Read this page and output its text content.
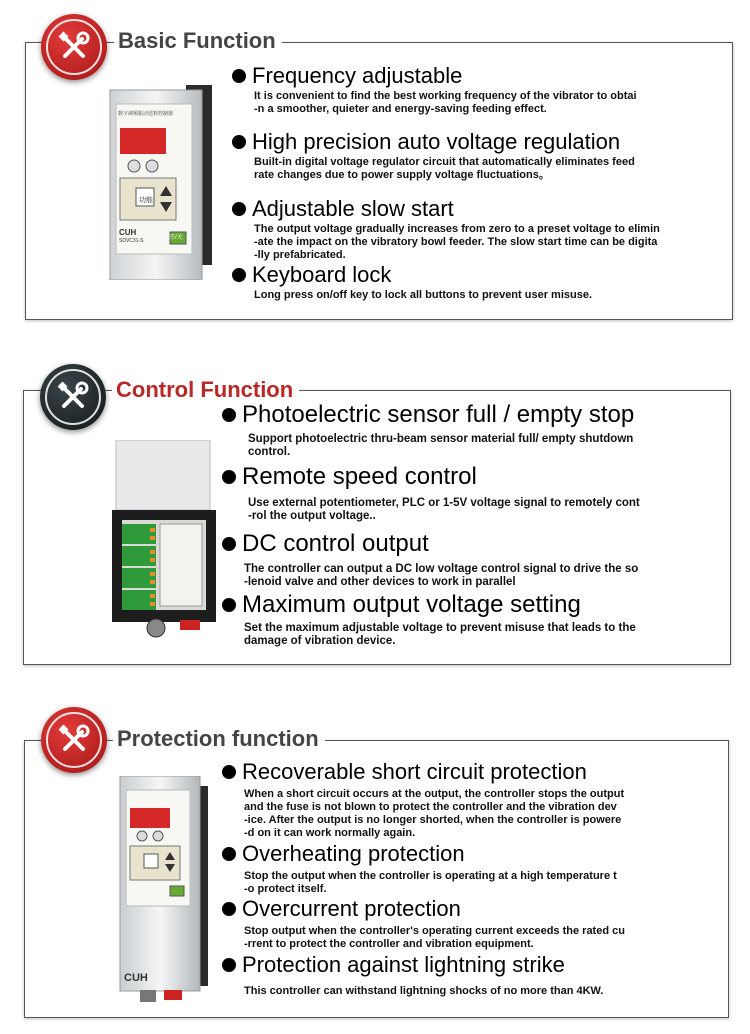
Basic Function
数字调频振动送料控制器
CUH
SDVC31-S
功能
开/关
Frequency adjustable

It is convenient to find the best working frequency of the vibrator to obtai
-n a smoother, quieter and energy-saving feeding effect.

High precision auto voltage regulation

Built-in digital voltage regulator circuit that automatically eliminates feed
rate changes due to power supply voltage fluctuations。

Adjustable slow start

The output voltage gradually increases from zero to a preset voltage to elimin
-ate the impact on the vibratory bowl feeder. The slow start time can be digita
-lly prefabricated.

Keyboard lock

Long press on/off key to lock all buttons to prevent user misuse.

Control Function
Photoelectric sensor full / empty stop

Support photoelectric thru-beam sensor material full/ empty shutdown
control.

Remote speed control

Use external potentiometer, PLC or 1-5V voltage signal to remotely cont
-rol the output voltage..

DC control output

The controller can output a DC low voltage control signal to drive the so
-lenoid valve and other devices to work in parallel

Maximum output voltage setting

Set the maximum adjustable voltage to prevent misuse that leads to the
damage of vibration device.

Protection function
CUH
Recoverable short circuit protection

When a short circuit occurs at the output, the controller stops the output
and the fuse is not blown to protect the controller and the vibration dev
-ice. After the output is no longer shorted, when the controller is powere
-d on it can work normally again.

Overheating protection

Stop the output when the controller is operating at a high temperature t
-o protect itself.

Overcurrent protection

Stop output when the controller's operating current exceeds the rated cu
-rrent to protect the controller and vibration equipment.

Protection against lightning strike

This controller can withstand lightning shocks of no more than 4KW.
